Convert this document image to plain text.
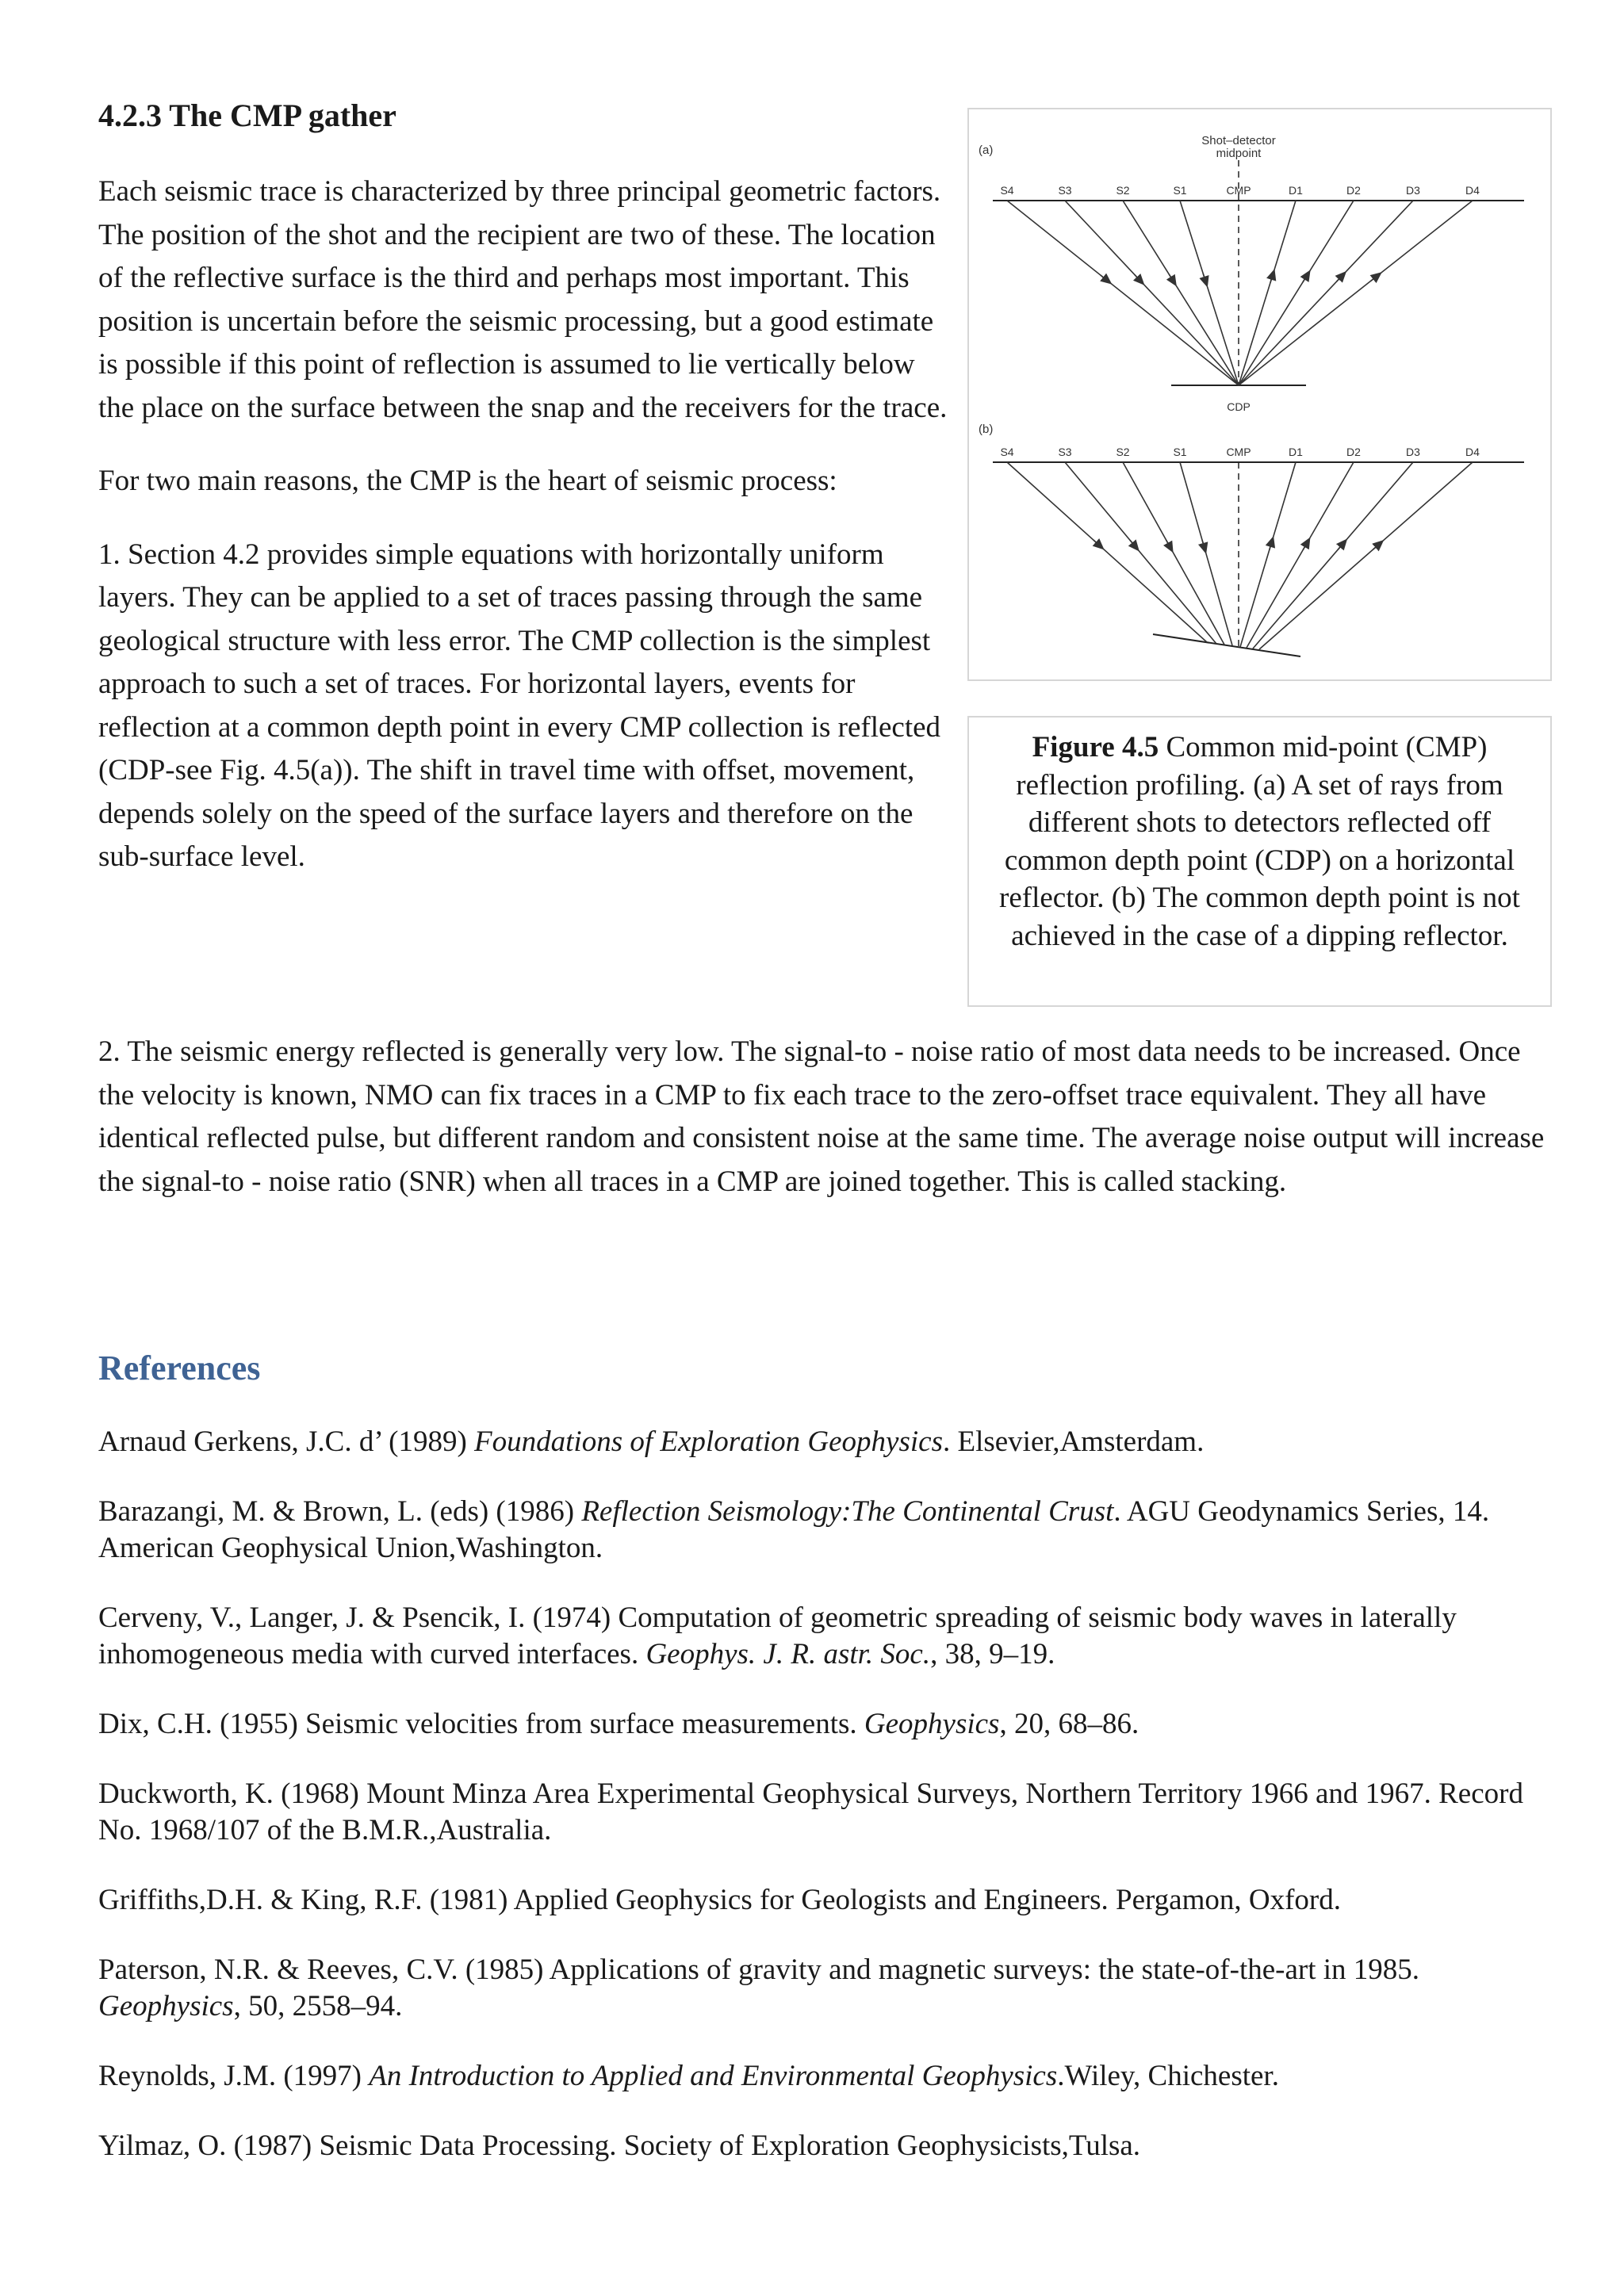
4.2.3 The CMP gather

Each seismic trace is characterized by three principal geometric factors. The position of the shot and the recipient are two of these. The location of the reflective surface is the third and perhaps most important. This position is uncertain before the seismic processing, but a good estimate is possible if this point of reflection is assumed to lie vertically below the place on the surface between the snap and the receivers for the trace.

For two main reasons, the CMP is the heart of seismic process:

1. Section 4.2 provides simple equations with horizontally uniform layers. They can be applied to a set of traces passing through the same geological structure with less error. The CMP collection is the simplest approach to such a set of traces. For horizontal layers, events for reflection at a common depth point in every CMP collection is reflected (CDP-see Fig. 4.5(a)). The shift in travel time with offset, movement, depends solely on the speed of the surface layers and therefore on the sub-surface level.

(a)
Shot–detector
midpoint
S4	S3	S2	S1	CMP	D1	D2	D3	D4
CDP
(b)
S4	S3	S2	S1	CMP	D1	D2	D3	D4
Figure 4.5 Common mid-point (CMP) reflection profiling. (a) A set of rays from different shots to detectors reflected off common depth point (CDP) on a horizontal reflector. (b) The common depth point is not achieved in the case of a dipping reflector.

2. The seismic energy reflected is generally very low. The signal-to - noise ratio of most data needs to be increased. Once the velocity is known, NMO can fix traces in a CMP to fix each trace to the zero-offset trace equivalent. They all have identical reflected pulse, but different random and consistent noise at the same time. The average noise output will increase the signal-to - noise ratio (SNR) when all traces in a CMP are joined together. This is called stacking.

References

Arnaud Gerkens, J.C. d’ (1989) Foundations of Exploration Geophysics. Elsevier,Amsterdam.

Barazangi, M. & Brown, L. (eds) (1986) Reflection Seismology:The Continental Crust. AGU Geodynamics Series, 14. American Geophysical Union,Washington.

Cerveny, V., Langer, J. & Psencik, I. (1974) Computation of geometric spreading of seismic body waves in laterally inhomogeneous media with curved interfaces. Geophys. J. R. astr. Soc., 38, 9–19.

Dix, C.H. (1955) Seismic velocities from surface measurements. Geophysics, 20, 68–86.

Duckworth, K. (1968) Mount Minza Area Experimental Geophysical Surveys, Northern Territory 1966 and 1967. Record No. 1968/107 of the B.M.R.,Australia.

Griffiths,D.H. & King, R.F. (1981) Applied Geophysics for Geologists and Engineers. Pergamon, Oxford.

Paterson, N.R. & Reeves, C.V. (1985) Applications of gravity and magnetic surveys: the state-of-the-art in 1985. Geophysics, 50, 2558–94.

Reynolds, J.M. (1997) An Introduction to Applied and Environmental Geophysics.Wiley, Chichester.

Yilmaz, O. (1987) Seismic Data Processing. Society of Exploration Geophysicists,Tulsa.
